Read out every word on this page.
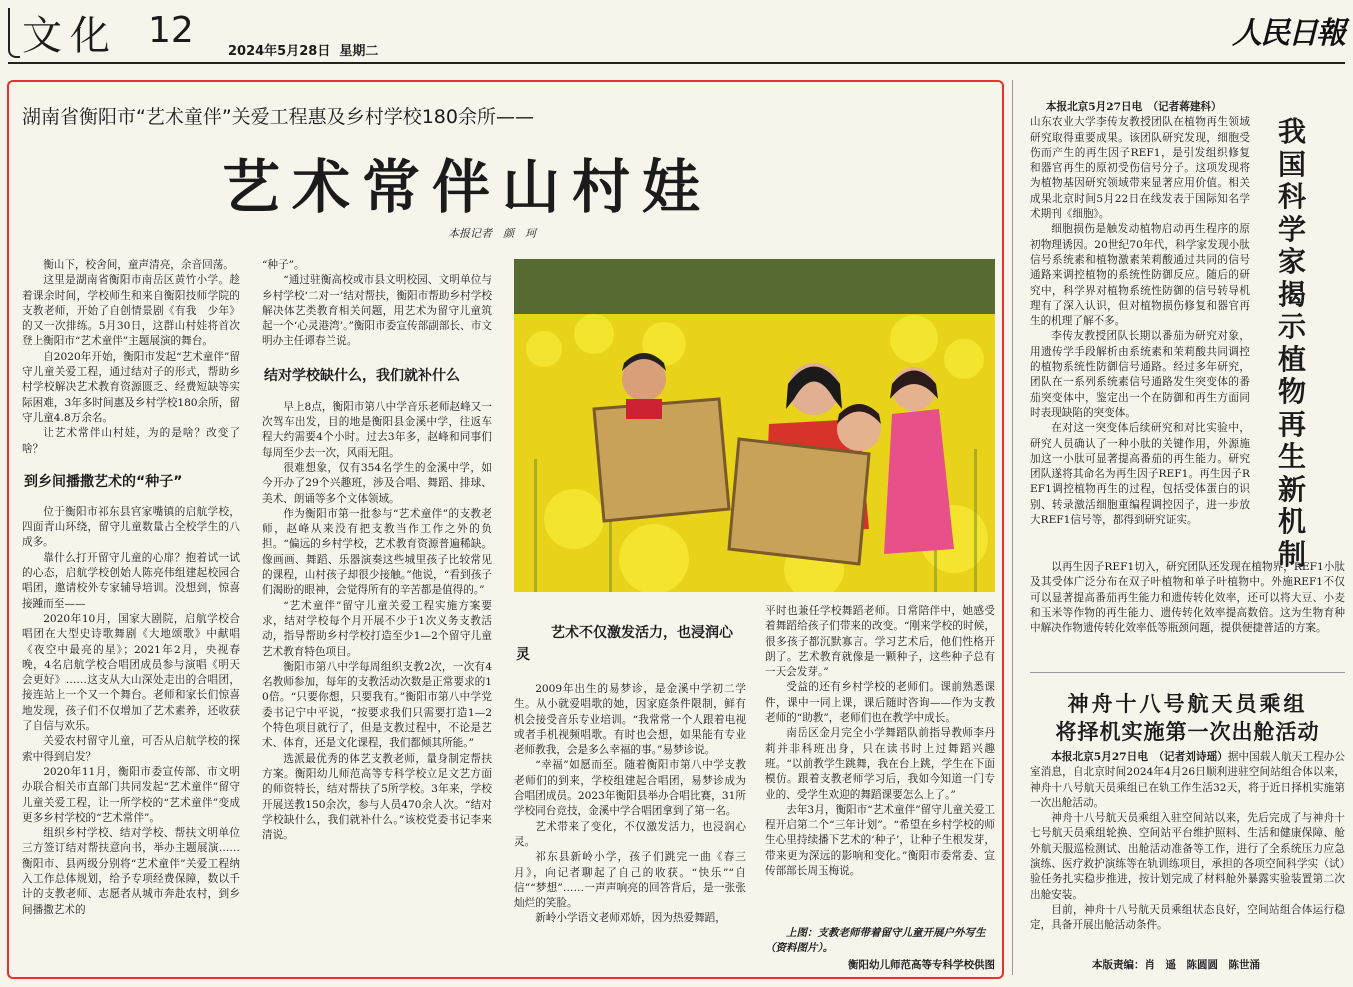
文化 12
2024年5月28日  星期二
人民日報
湖南省衡阳市“艺术童伴”关爱工程惠及乡村学校180余所——
艺术常伴山村娃
本报记者　颜　珂

衡山下，校舍间，童声清亮，余音回荡。

这里是湖南省衡阳市南岳区黄竹小学。趁着课余时间，学校师生和来自衡阳技师学院的支教老师，开始了自创情景剧《有我　少年》的又一次排练。5月30日，这群山村娃将首次登上衡阳市“艺术童伴”主题展演的舞台。

自2020年开始，衡阳市发起“艺术童伴”留守儿童关爱工程，通过结对子的形式，帮助乡村学校解决艺术教育资源匮乏、经费短缺等实际困难，3年多时间惠及乡村学校180余所，留守儿童4.8万余名。

让艺术常伴山村娃，为的是啥？改变了啥？

到乡间播撒艺术的“种子”

位于衡阳市祁东县官家嘴镇的启航学校，四面青山环绕，留守儿童数量占全校学生的八成多。

靠什么打开留守儿童的心扉？抱着试一试的心态，启航学校创始人陈亮伟组建起校园合唱团，邀请校外专家辅导培训。没想到，惊喜接踵而至——

2020年10月，国家大剧院，启航学校合唱团在大型史诗歌舞剧《大地颂歌》中献唱《夜空中最亮的星》；2021年2月，央视春晚，4名启航学校合唱团成员参与演唱《明天会更好》……这支从大山深处走出的合唱团，接连站上一个又一个舞台。老师和家长们惊喜地发现，孩子们不仅增加了艺术素养，还收获了自信与欢乐。

关爱农村留守儿童，可否从启航学校的探索中得到启发？

2020年11月，衡阳市委宣传部、市文明办联合相关市直部门共同发起“艺术童伴”留守儿童关爱工程，让一所学校的“艺术童伴”变成更多乡村学校的“艺术常伴”。

组织乡村学校、结对学校、帮扶文明单位三方签订结对帮扶意向书，举办主题展演……衡阳市、县两级分别将“艺术童伴”关爱工程纳入工作总体规划，给予专项经费保障，数以千计的支教老师、志愿者从城市奔赴农村，到乡间播撒艺术的

“种子”。

“通过驻衡高校或市县文明校园、文明单位与乡村学校‘二对一’结对帮扶，衡阳市帮助乡村学校解决体艺类教育相关问题，用艺术为留守儿童筑起一个‘心灵港湾’。”衡阳市委宣传部副部长、市文明办主任谭春兰说。

结对学校缺什么，我们就补什么

早上8点，衡阳市第八中学音乐老师赵峰又一次驾车出发，目的地是衡阳县金溪中学，往返车程大约需要4个小时。过去3年多，赵峰和同事们每周至少去一次，风雨无阻。

很难想象，仅有354名学生的金溪中学，如今开办了29个兴趣班，涉及合唱、舞蹈、排球、美术、朗诵等多个文体领域。

作为衡阳市第一批参与“艺术童伴”的支教老师，赵峰从来没有把支教当作工作之外的负担。“偏远的乡村学校，艺术教育资源普遍稀缺。像画画、舞蹈、乐器演奏这些城里孩子比较常见的课程，山村孩子却很少接触。”他说，“看到孩子们渴盼的眼神，会觉得所有的辛苦都是值得的。”

“艺术童伴”留守儿童关爱工程实施方案要求，结对学校每个月开展不少于1次义务支教活动，指导帮助乡村学校打造至少1—2个留守儿童艺术教育特色项目。

衡阳市第八中学每周组织支教2次，一次有4名教师参加，每年的支教活动次数是正常要求的10倍。“只要你想，只要我有。”衡阳市第八中学党委书记宁中平说，“按要求我们只需要打造1—2个特色项目就行了，但是支教过程中，不论是艺术、体育，还是文化课程，我们都倾其所能。”

选派最优秀的体艺支教老师，量身制定帮扶方案。衡阳幼儿师范高等专科学校立足文艺方面的师资特长，结对帮扶了5所学校。3年来，学校开展送教150余次，参与人员470余人次。“结对学校缺什么，我们就补什么。”该校党委书记李来清说。

艺术不仅激发活力，也浸润心灵

2009年出生的易梦诊，是金溪中学初二学生。从小就爱唱歌的她，因家庭条件限制，鲜有机会接受音乐专业培训。“我常常一个人跟着电视或者手机视频唱歌。有时也会想，如果能有专业老师教我，会是多么幸福的事。”易梦诊说。

“幸福”如愿而至。随着衡阳市第八中学支教老师们的到来，学校组建起合唱团，易梦诊成为合唱团成员。2023年衡阳县举办合唱比赛，31所学校同台竞技，金溪中学合唱团拿到了第一名。

艺术带来了变化，不仅激发活力，也浸润心灵。

祁东县新岭小学，孩子们跳完一曲《春三月》，向记者聊起了自己的收获。“快乐”“自信”“梦想”……一声声响亮的回答背后，是一张张灿烂的笑脸。

新岭小学语文老师邓娇，因为热爱舞蹈，

平时也兼任学校舞蹈老师。日常陪伴中，她感受着舞蹈给孩子们带来的改变。“刚来学校的时候，很多孩子都沉默寡言。学习艺术后，他们性格开朗了。艺术教育就像是一颗种子，这些种子总有一天会发芽。”

受益的还有乡村学校的老师们。课前熟悉课件，课中一同上课，课后随时咨询——作为支教老师的“助教”，老师们也在教学中成长。

南岳区金月完全小学舞蹈队前指导教师李丹莉并非科班出身，只在读书时上过舞蹈兴趣班。“以前教学生跳舞，我在台上跳，学生在下面模仿。跟着支教老师学习后，我如今知道一门专业的、受学生欢迎的舞蹈课要怎么上了。”

去年3月，衡阳市“艺术童伴”留守儿童关爱工程开启第二个“三年计划”。“希望在乡村学校的师生心里持续播下艺术的‘种子’，让种子生根发芽，带来更为深远的影响和变化。”衡阳市委常委、宣传部部长周玉梅说。

上图：支教老师带着留守儿童开展户外写生（资料图片）。
衡阳幼儿师范高等专科学校供图

本报北京5月27日电　（记者蒋建科）

山东农业大学李传友教授团队在植物再生领域研究取得重要成果。该团队研究发现，细胞受伤而产生的再生因子REF1，是引发组织修复和器官再生的原初受伤信号分子。这项发现将为植物基因研究领域带来显著应用价值。相关成果北京时间5月22日在线发表于国际知名学术期刊《细胞》。

细胞损伤是触发动植物启动再生程序的原初物理诱因。20世纪70年代，科学家发现小肽信号系统素和植物激素茉莉酸通过共同的信号通路来调控植物的系统性防御反应。随后的研究中，科学界对植物系统性防御的信号转导机理有了深入认识，但对植物损伤修复和器官再生的机理了解不多。

李传友教授团队长期以番茄为研究对象，用遗传学手段解析由系统素和茉莉酸共同调控的植物系统性防御信号通路。经过多年研究，团队在一系列系统素信号通路发生突变体的番茄突变体中，鉴定出一个在防御和再生方面同时表现缺陷的突变体。

在对这一突变体后续研究和对比实验中，研究人员确认了一种小肽的关键作用，外源施加这一小肽可显著提高番茄的再生能力。研究团队遂将其命名为再生因子REF1。再生因子REF1调控植物再生的过程，包括受体蛋白的识别、转录激活细胞重编程调控因子，进一步放大REF1信号等，都得到研究证实。

我国科学家揭示植物再生新机制

以再生因子REF1切入，研究团队还发现在植物界，REF1小肽及其受体广泛分布在双子叶植物和单子叶植物中。外施REF1不仅可以显著提高番茄再生能力和遗传转化效率，还可以将大豆、小麦和玉米等作物的再生能力、遗传转化效率提高数倍。这为生物育种中解决作物遗传转化效率低等瓶颈问题，提供便捷普适的方案。

神舟十八号航天员乘组
将择机实施第一次出舱活动

本报北京5月27日电　（记者刘诗瑶）据中国载人航天工程办公室消息，自北京时间2024年4月26日顺利进驻空间站组合体以来，神舟十八号航天员乘组已在轨工作生活32天，将于近日择机实施第一次出舱活动。

神舟十八号航天员乘组入驻空间站以来，先后完成了与神舟十七号航天员乘组轮换、空间站平台维护照料、生活和健康保障、舱外航天服巡检测试、出舱活动准备等工作，进行了全系统压力应急演练、医疗救护演练等在轨训练项目，承担的各项空间科学实（试）验任务扎实稳步推进，按计划完成了材料舱外暴露实验装置第二次出舱安装。

目前，神舟十八号航天员乘组状态良好，空间站组合体运行稳定，具备开展出舱活动条件。

本版责编：肖　遥　陈圆圆　陈世涌
